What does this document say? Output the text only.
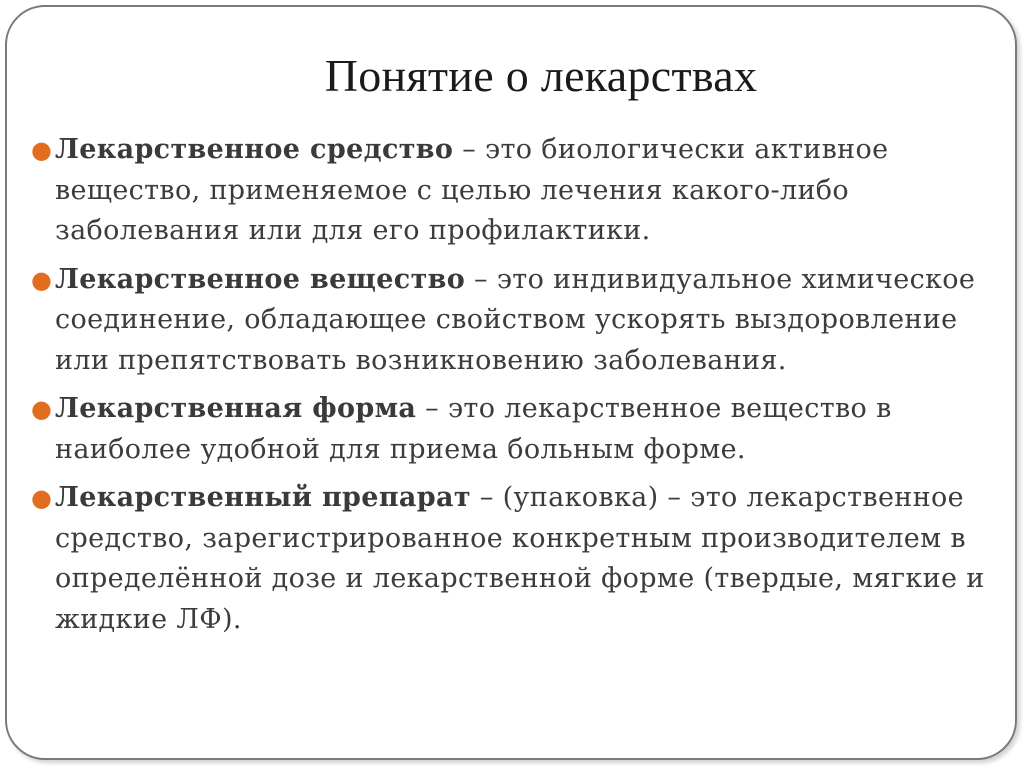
Понятие о лекарствах
● Лекарственное средство – это биологически активное вещество, применяемое с целью лечения какого-либо заболевания или для его профилактики.
● Лекарственное вещество – это индивидуальное химическое соединение, обладающее свойством ускорять выздоровление или препятствовать возникновению заболевания.
● Лекарственная форма – это лекарственное вещество в наиболее удобной для приема больным форме.
● Лекарственный препарат – (упаковка) – это лекарственное средство, зарегистрированное конкретным производителем в определённой дозе и лекарственной форме (твердые, мягкие и жидкие ЛФ).
